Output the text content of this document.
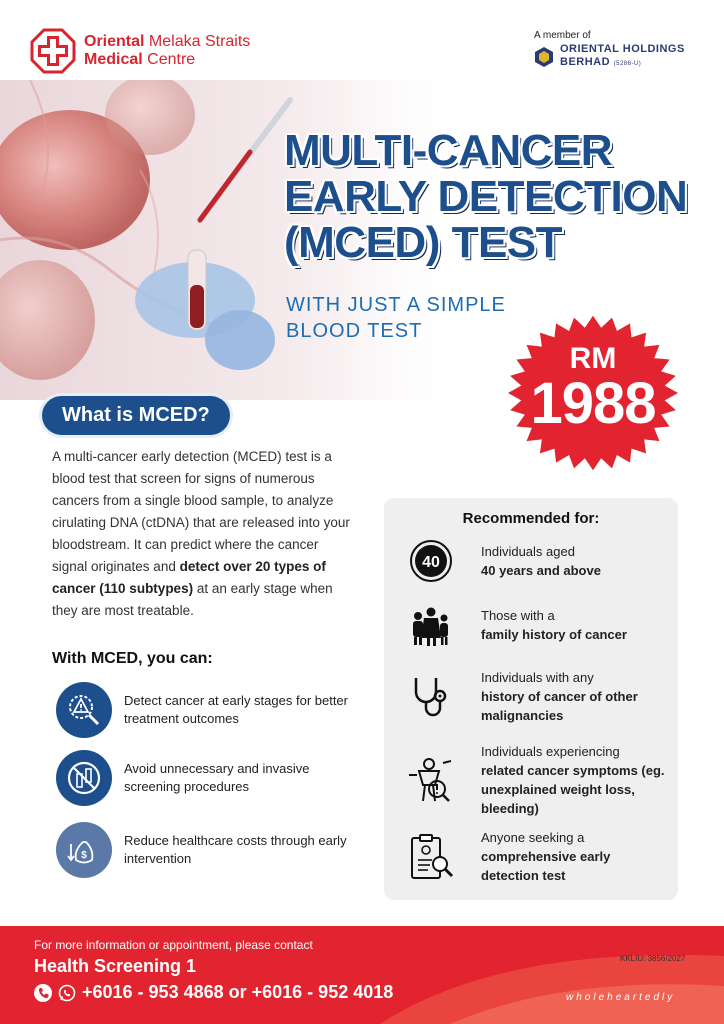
Oriental Melaka Straits
Medical Centre
A member of
ORIENTAL HOLDINGS
BERHAD (5286-U)
MULTI-CANCER
EARLY DETECTION
(MCED) TEST
WITH JUST A SIMPLE
BLOOD TEST
RM
1988
What is MCED?
A multi-cancer early detection (MCED) test is a blood test that screen for signs of numerous cancers from a single blood sample, to analyze cirulating DNA (ctDNA) that are released into your bloodstream. It can predict where the cancer signal originates and detect over 20 types of cancer (110 subtypes) at an early stage when they are most treatable.
With MCED, you can:
Detect cancer at early stages for better treatment outcomes
Avoid unnecessary and invasive screening procedures
$
Reduce healthcare costs through early intervention
Recommended for:
40
Individuals aged
40 years and above
Those with a
family history of cancer
Individuals with any
history of cancer of other malignancies
Individuals experiencing
related cancer symptoms (eg. unexplained weight loss, bleeding)
Anyone seeking a
comprehensive early detection test
For more information or appointment, please contact
Health Screening 1
+6016 - 953 4868 or +6016 - 952 4018
KKLIU: 3856/2027
wholeheartedly
